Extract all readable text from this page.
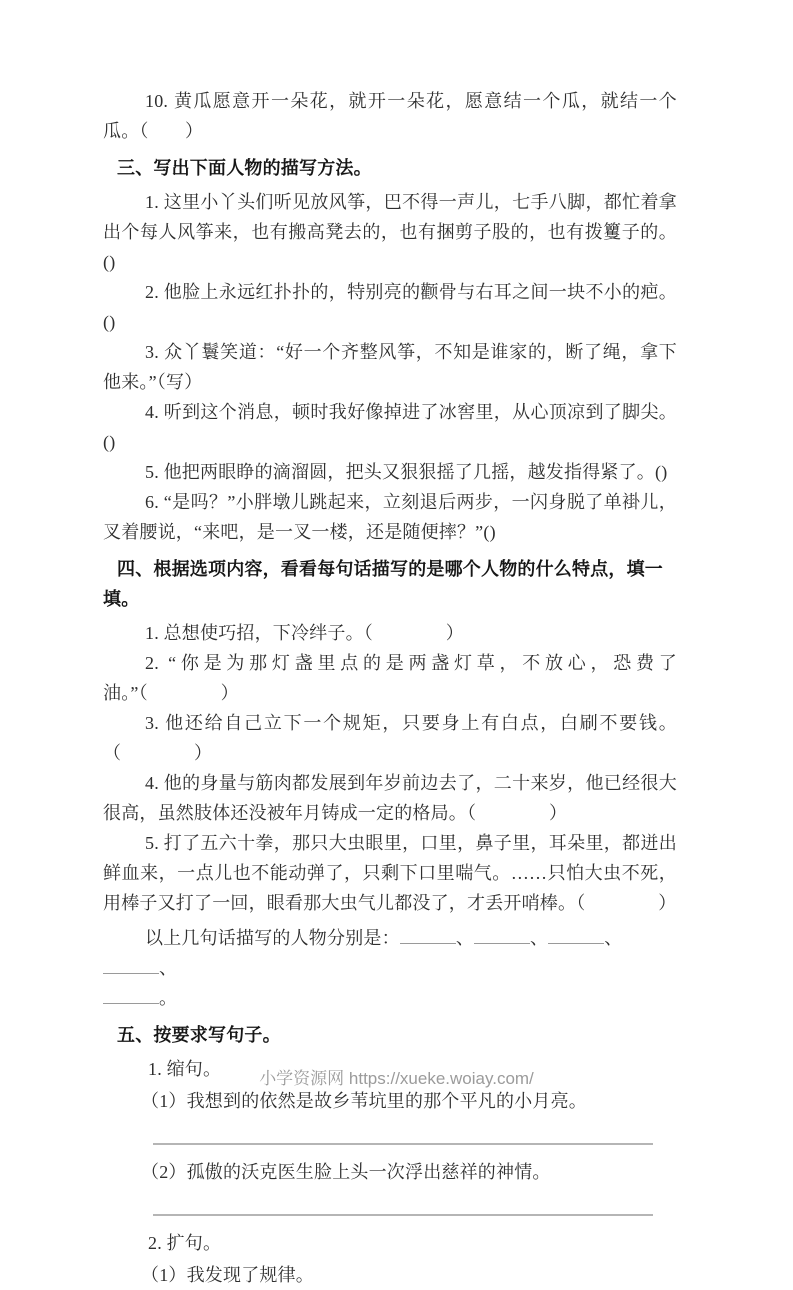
10. 黄瓜愿意开一朵花，就开一朵花，愿意结一个瓜，就结一个瓜。（　　）

三、写出下面人物的描写方法。

1. 这里小丫头们听见放风筝，巴不得一声儿，七手八脚，都忙着拿出个每人风筝来，也有搬高凳去的，也有捆剪子股的，也有拨籰子的。()

2. 他脸上永远红扑扑的，特别亮的颧骨与右耳之间一块不小的疤。()

3. 众丫鬟笑道：“好一个齐整风筝，不知是谁家的，断了绳，拿下他来。”（写）

4. 听到这个消息，顿时我好像掉进了冰窖里，从心顶凉到了脚尖。()

5. 他把两眼睁的滴溜圆，把头又狠狠摇了几摇，越发指得紧了。()

6. “是吗？”小胖墩儿跳起来，立刻退后两步，一闪身脱了单褂儿，叉着腰说，“来吧，是一叉一楼，还是随便摔？”()

四、根据选项内容，看看每句话描写的是哪个人物的什么特点，填一填。

1. 总想使巧招，下冷绊子。（　　　　）

2. “你是为那灯盏里点的是两盏灯草，不放心，恐费了油。”（　　　　）

3. 他还给自己立下一个规矩，只要身上有白点，白刷不要钱。（　　　　）

4. 他的身量与筋肉都发展到年岁前边去了，二十来岁，他已经很大很高，虽然肢体还没被年月铸成一定的格局。（　　　　）

5. 打了五六十拳，那只大虫眼里，口里，鼻子里，耳朵里，都迸出鲜血来，一点儿也不能动弹了，只剩下口里喘气。……只怕大虫不死，用棒子又打了一回，眼看那大虫气儿都没了，才丢开哨棒。（　　　　）

以上几句话描写的人物分别是：	、	、	、、

。

五、按要求写句子。

1. 缩句。

（1）我想到的依然是故乡苇坑里的那个平凡的小月亮。

（2）孤傲的沃克医生脸上头一次浮出慈祥的神情。

2. 扩句。

（1）我发现了规律。

小学资源网 https://xueke.woiay.com/
